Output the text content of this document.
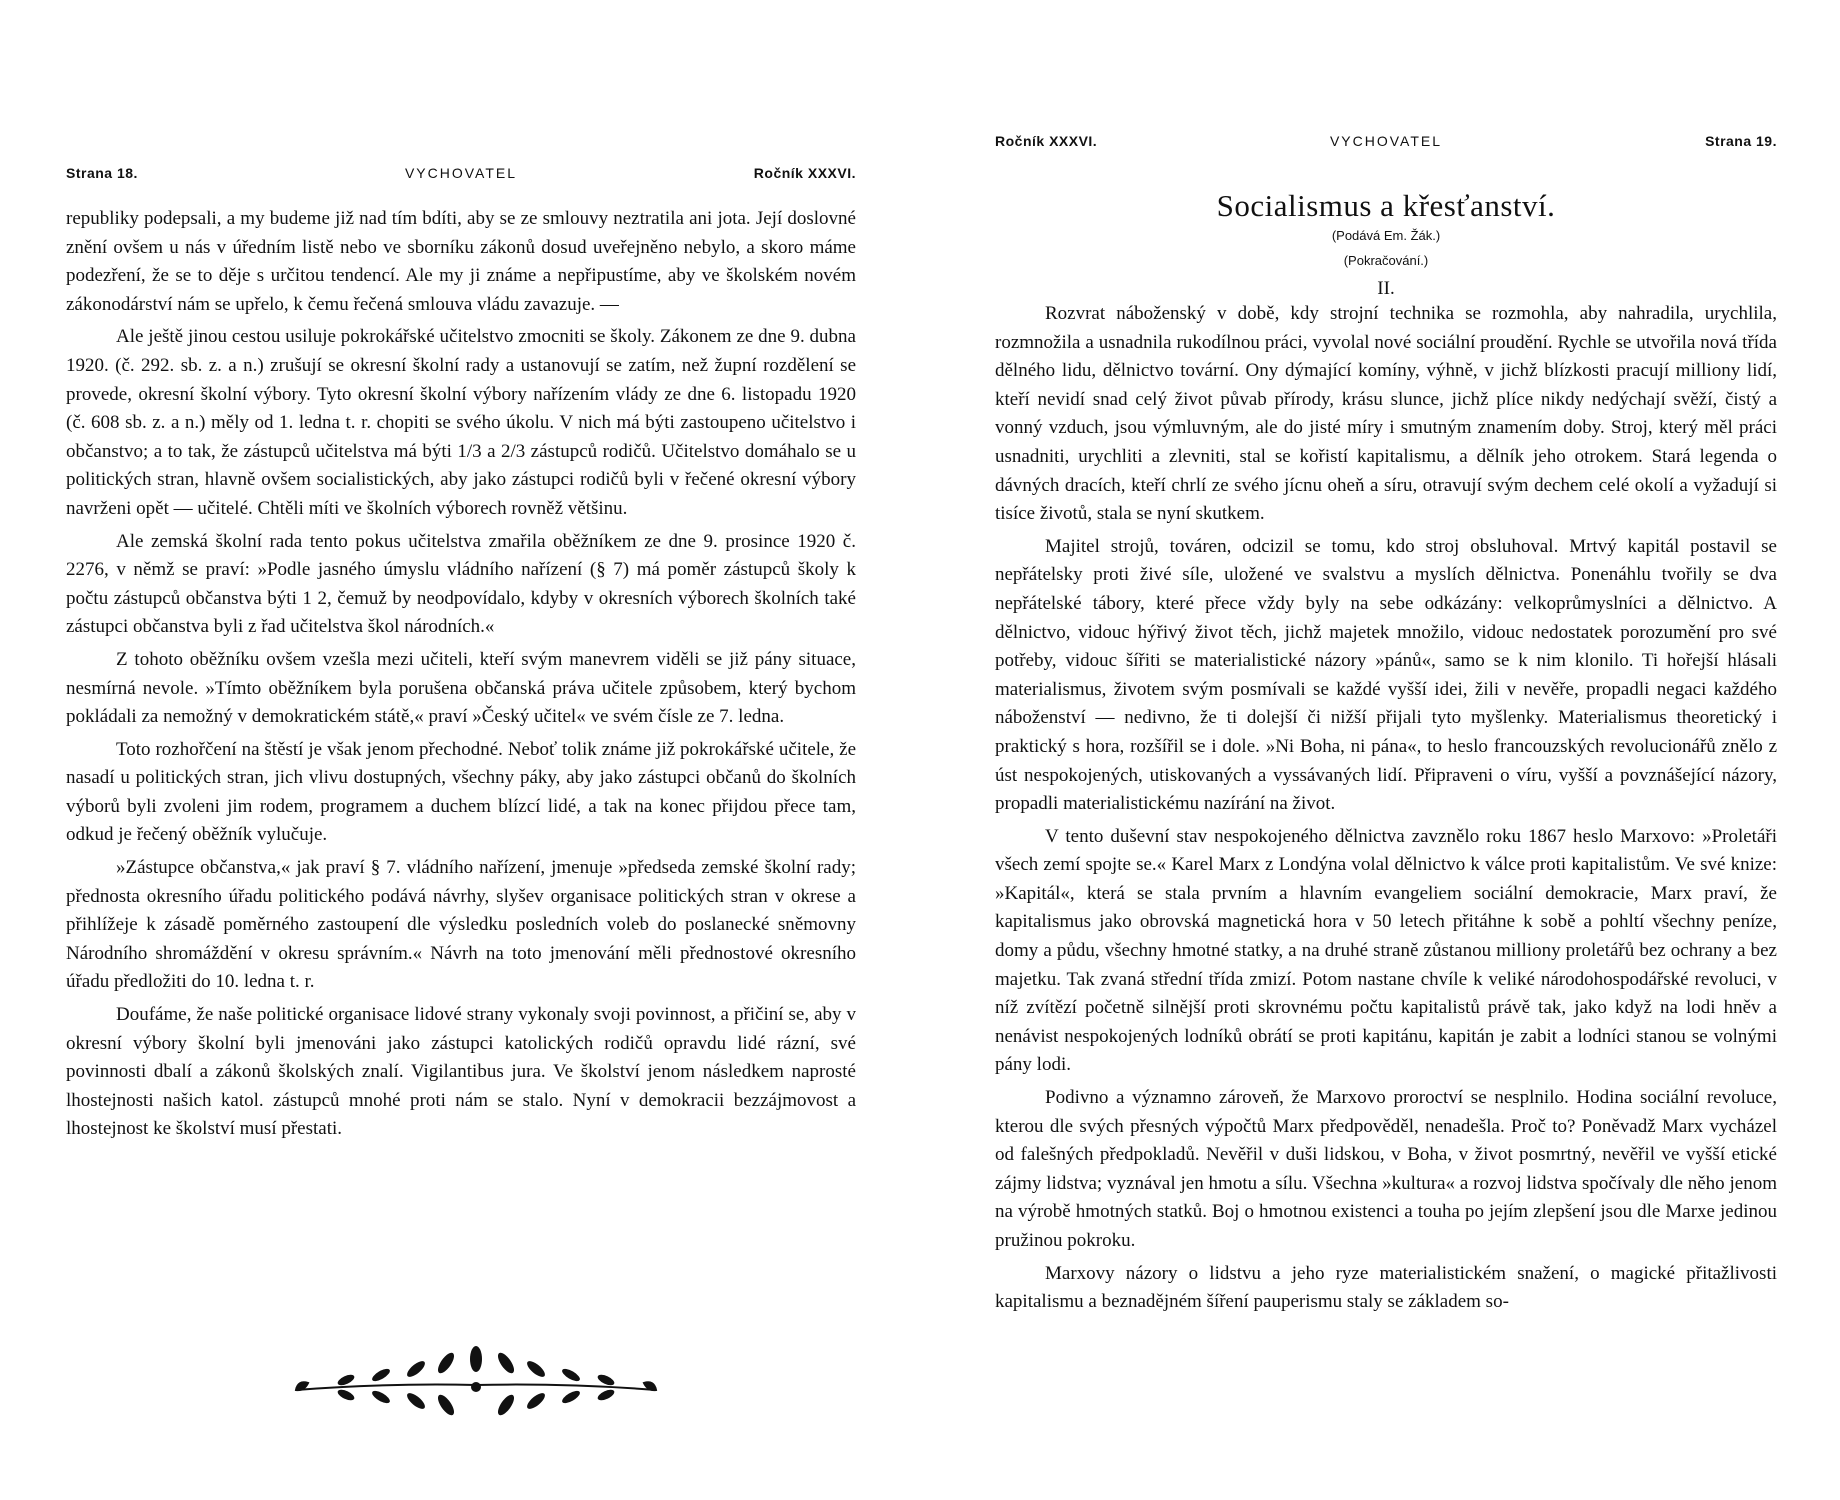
Strana 18.	VYCHOVATEL	Ročník XXXVI.

republiky podepsali, a my budeme již nad tím bdíti, aby se ze smlouvy neztratila ani jota. Její doslovné znění ovšem u nás v úředním listě nebo ve sborníku zákonů dosud uveřejněno nebylo, a skoro máme podezření, že se to děje s určitou tendencí. Ale my ji známe a nepřipustíme, aby ve školském novém zákonodárství nám se upřelo, k čemu řečená smlouva vládu zavazuje. —

Ale ještě jinou cestou usiluje pokrokářské učitelstvo zmocniti se školy. Zákonem ze dne 9. dubna 1920. (č. 292. sb. z. a n.) zrušují se okresní školní rady a ustanovují se zatím, než župní rozdělení se provede, okresní školní výbory. Tyto okresní školní výbory nařízením vlády ze dne 6. listopadu 1920 (č. 608 sb. z. a n.) měly od 1. ledna t. r. chopiti se svého úkolu. V nich má býti zastoupeno učitelstvo i občanstvo; a to tak, že zástupců učitelstva má býti 1/3 a 2/3 zástupců rodičů. Učitelstvo domáhalo se u politických stran, hlavně ovšem socialistických, aby jako zástupci rodičů byli v řečené okresní výbory navrženi opět — učitelé. Chtěli míti ve školních výborech rovněž většinu.

Ale zemská školní rada tento pokus učitelstva zmařila oběžníkem ze dne 9. prosince 1920 č. 2276, v němž se praví: »Podle jasného úmyslu vládního nařízení (§ 7) má poměr zástupců školy k počtu zástupců občanstva býti 1 2, čemuž by neodpovídalo, kdyby v okresních výborech školních také zástupci občanstva byli z řad učitelstva škol národních.«

Z tohoto oběžníku ovšem vzešla mezi učiteli, kteří svým manevrem viděli se již pány situace, nesmírná nevole. »Tímto oběžníkem byla porušena občanská práva učitele způsobem, který bychom pokládali za nemožný v demokratickém státě,« praví »Český učitel« ve svém čísle ze 7. ledna.

Toto rozhořčení na štěstí je však jenom přechodné. Neboť tolik známe již pokrokářské učitele, že nasadí u politických stran, jich vlivu dostupných, všechny páky, aby jako zástupci občanů do školních výborů byli zvoleni jim rodem, programem a duchem blízcí lidé, a tak na konec přijdou přece tam, odkud je řečený oběžník vylučuje.

»Zástupce občanstva,« jak praví § 7. vládního nařízení, jmenuje »předseda zemské školní rady; přednosta okresního úřadu politického podává návrhy, slyšev organisace politických stran v okrese a přihlížeje k zásadě poměrného zastoupení dle výsledku posledních voleb do poslanecké sněmovny Národního shromáždění v okresu správním.« Návrh na toto jmenování měli přednostové okresního úřadu předložiti do 10. ledna t. r.

Doufáme, že naše politické organisace lidové strany vykonaly svoji povinnost, a přičiní se, aby v okresní výbory školní byli jmenováni jako zástupci katolických rodičů opravdu lidé rázní, své povinnosti dbalí a zákonů školských znalí. Vigilantibus jura. Ve školství jenom následkem naprosté lhostejnosti našich katol. zástupců mnohé proti nám se stalo. Nyní v demokracii bezzájmovost a lhostejnost ke školství musí přestati.

Ročník XXXVI.	VYCHOVATEL	Strana 19.
Socialismus a křesťanství.
(Podává Em. Žák.)
(Pokračování.)
II.

Rozvrat náboženský v době, kdy strojní technika se rozmohla, aby nahradila, urychlila, rozmnožila a usnadnila rukodílnou práci, vyvolal nové sociální proudění. Rychle se utvořila nová třída dělného lidu, dělnictvo tovární. Ony dýmající komíny, výhně, v jichž blízkosti pracují milliony lidí, kteří nevidí snad celý život půvab přírody, krásu slunce, jichž plíce nikdy nedýchají svěží, čistý a vonný vzduch, jsou výmluvným, ale do jisté míry i smutným znamením doby. Stroj, který měl práci usnadniti, urychliti a zlevniti, stal se kořistí kapitalismu, a dělník jeho otrokem. Stará legenda o dávných dracích, kteří chrlí ze svého jícnu oheň a síru, otravují svým dechem celé okolí a vyžadují si tisíce životů, stala se nyní skutkem.

Majitel strojů, továren, odcizil se tomu, kdo stroj obsluhoval. Mrtvý kapitál postavil se nepřátelsky proti živé síle, uložené ve svalstvu a myslích dělnictva. Ponenáhlu tvořily se dva nepřátelské tábory, které přece vždy byly na sebe odkázány: velkoprůmyslníci a dělnictvo. A dělnictvo, vidouc hýřivý život těch, jichž majetek množilo, vidouc nedostatek porozumění pro své potřeby, vidouc šířiti se materialistické názory »pánů«, samo se k nim klonilo. Ti hořejší hlásali materialismus, životem svým posmívali se každé vyšší idei, žili v nevěře, propadli negaci každého náboženství — nedivno, že ti dolejší či nižší přijali tyto myšlenky. Materialismus theoretický i praktický s hora, rozšířil se i dole. »Ni Boha, ni pána«, to heslo francouzských revolucionářů znělo z úst nespokojených, utiskovaných a vyssávaných lidí. Připraveni o víru, vyšší a povznášející názory, propadli materialistickému nazírání na život.

V tento duševní stav nespokojeného dělnictva zavznělo roku 1867 heslo Marxovo: »Proletáři všech zemí spojte se.« Karel Marx z Londýna volal dělnictvo k válce proti kapitalistům. Ve své knize: »Kapitál«, která se stala prvním a hlavním evangeliem sociální demokracie, Marx praví, že kapitalismus jako obrovská magnetická hora v 50 letech přitáhne k sobě a pohltí všechny peníze, domy a půdu, všechny hmotné statky, a na druhé straně zůstanou milliony proletářů bez ochrany a bez majetku. Tak zvaná střední třída zmizí. Potom nastane chvíle k veliké národohospodářské revoluci, v níž zvítězí početně silnější proti skrovnému počtu kapitalistů právě tak, jako když na lodi hněv a nenávist nespokojených lodníků obrátí se proti kapitánu, kapitán je zabit a lodníci stanou se volnými pány lodi.

Podivno a významno zároveň, že Marxovo proroctví se nesplnilo. Hodina sociální revoluce, kterou dle svých přesných výpočtů Marx předpověděl, nenadešla. Proč to? Poněvadž Marx vycházel od falešných předpokladů. Nevěřil v duši lidskou, v Boha, v život posmrtný, nevěřil ve vyšší etické zájmy lidstva; vyznával jen hmotu a sílu. Všechna »kultura« a rozvoj lidstva spočívaly dle něho jenom na výrobě hmotných statků. Boj o hmotnou existenci a touha po jejím zlepšení jsou dle Marxe jedinou pružinou pokroku.

Marxovy názory o lidstvu a jeho ryze materialistickém snažení, o magické přitažlivosti kapitalismu a beznadějném šíření pauperismu staly se základem so-
